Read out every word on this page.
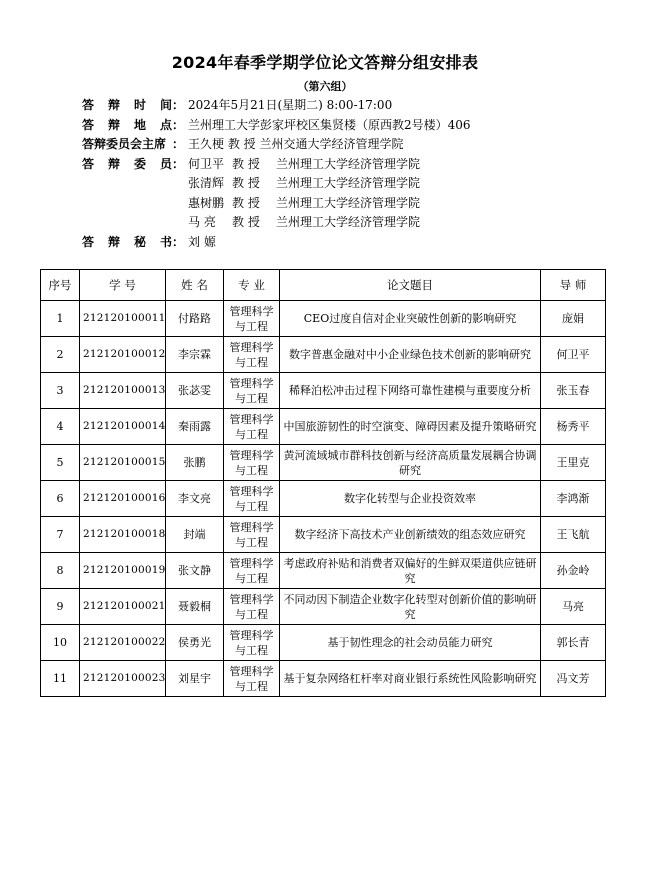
2024年春季学期学位论文答辩分组安排表
（第六组）
答 辩 时 间 ： 2024年5月21日(星期二) 8:00-17:00
答 辩 地 点 ： 兰州理工大学彭家坪校区集贤楼（原西教2号楼）406
答辩委员会主席 ： 王久梗 教 授 兰州交通大学经济管理学院
答 辩 委 员 ： 何卫平 教 授 兰州理工大学经济管理学院
张清辉 教 授 兰州理工大学经济管理学院
惠树鹏 教 授 兰州理工大学经济管理学院
马 亮 教 授 兰州理工大学经济管理学院
答 辩 秘 书 ： 刘 嫄
序号	学 号	姓 名	专 业	论文题目	导 师
1	212120100011	付路路	管理科学与工程	CEO过度自信对企业突破性创新的影响研究	庞娟
2	212120100012	李宗霖	管理科学与工程	数字普惠金融对中小企业绿色技术创新的影响研究	何卫平
3	212120100013	张苾雯	管理科学与工程	稀释泊松冲击过程下网络可靠性建模与重要度分析	张玉春
4	212120100014	秦雨露	管理科学与工程	中国旅游韧性的时空演变、障碍因素及提升策略研究	杨秀平
5	212120100015	张鹏	管理科学与工程	黄河流域城市群科技创新与经济高质量发展耦合协调研究	王里克
6	212120100016	李文亮	管理科学与工程	数字化转型与企业投资效率	李鸿渐
7	212120100018	封端	管理科学与工程	数字经济下高技术产业创新绩效的组态效应研究	王飞航
8	212120100019	张文静	管理科学与工程	考虑政府补贴和消费者双偏好的生鲜双渠道供应链研究	孙金岭
9	212120100021	聂毅桐	管理科学与工程	不同动因下制造企业数字化转型对创新价值的影响研究	马亮
10	212120100022	侯勇光	管理科学与工程	基于韧性理念的社会动员能力研究	郭长青
11	212120100023	刘星宇	管理科学与工程	基于复杂网络杠杆率对商业银行系统性风险影响研究	冯文芳
